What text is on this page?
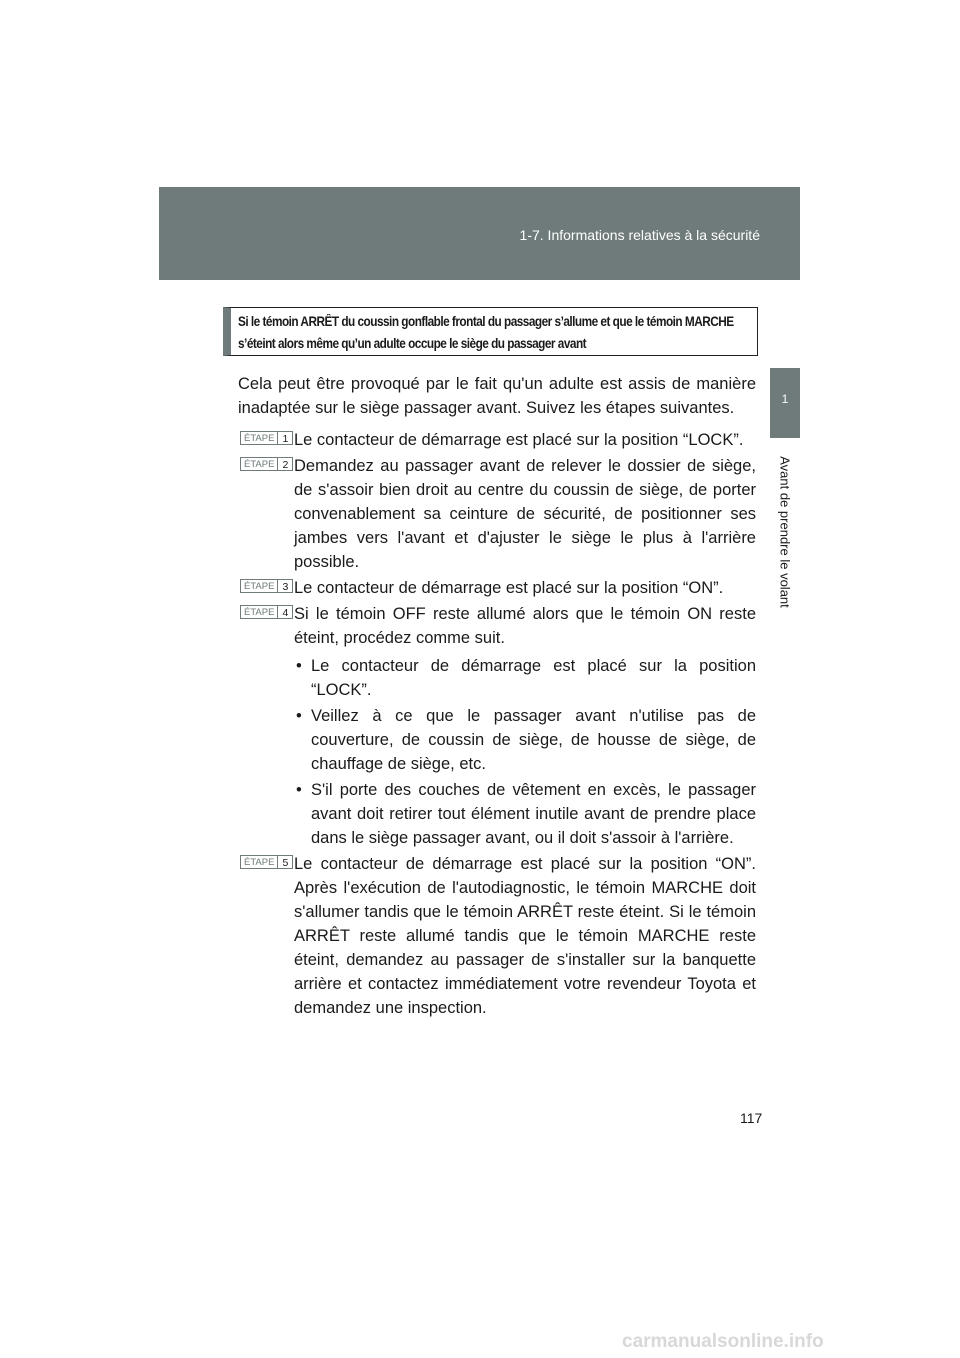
1-7. Informations relatives à la sécurité
1
Avant de prendre le volant
Si le témoin ARRÊT du coussin gonflable frontal du passager s’allume et que le témoin MARCHE s’éteint alors même qu’un adulte occupe le siège du passager avant

Cela peut être provoqué par le fait qu'un adulte est assis de manière inadaptée sur le siège passager avant. Suivez les étapes suivantes.

ÉTAPE 1 Le contacteur de démarrage est placé sur la position “LOCK”.
ÉTAPE 2 Demandez au passager avant de relever le dossier de siège, de s'assoir bien droit au centre du coussin de siège, de porter convenablement sa ceinture de sécurité, de positionner ses jambes vers l'avant et d'ajuster le siège le plus à l'arrière possible.
ÉTAPE 3 Le contacteur de démarrage est placé sur la position “ON”.
ÉTAPE 4 Si le témoin OFF reste allumé alors que le témoin ON reste éteint, procédez comme suit.
• Le contacteur de démarrage est placé sur la position “LOCK”.
• Veillez à ce que le passager avant n'utilise pas de couverture, de coussin de siège, de housse de siège, de chauffage de siège, etc.
• S'il porte des couches de vêtement en excès, le passager avant doit retirer tout élément inutile avant de prendre place dans le siège passager avant, ou il doit s'assoir à l'arrière.
ÉTAPE 5 Le contacteur de démarrage est placé sur la position “ON”. Après l'exécution de l'autodiagnostic, le témoin MARCHE doit s'allumer tandis que le témoin ARRÊT reste éteint. Si le témoin ARRÊT reste allumé tandis que le témoin MARCHE reste éteint, demandez au passager de s'installer sur la banquette arrière et contactez immédiatement votre revendeur Toyota et demandez une inspection.
117
carmanualsonline.info
